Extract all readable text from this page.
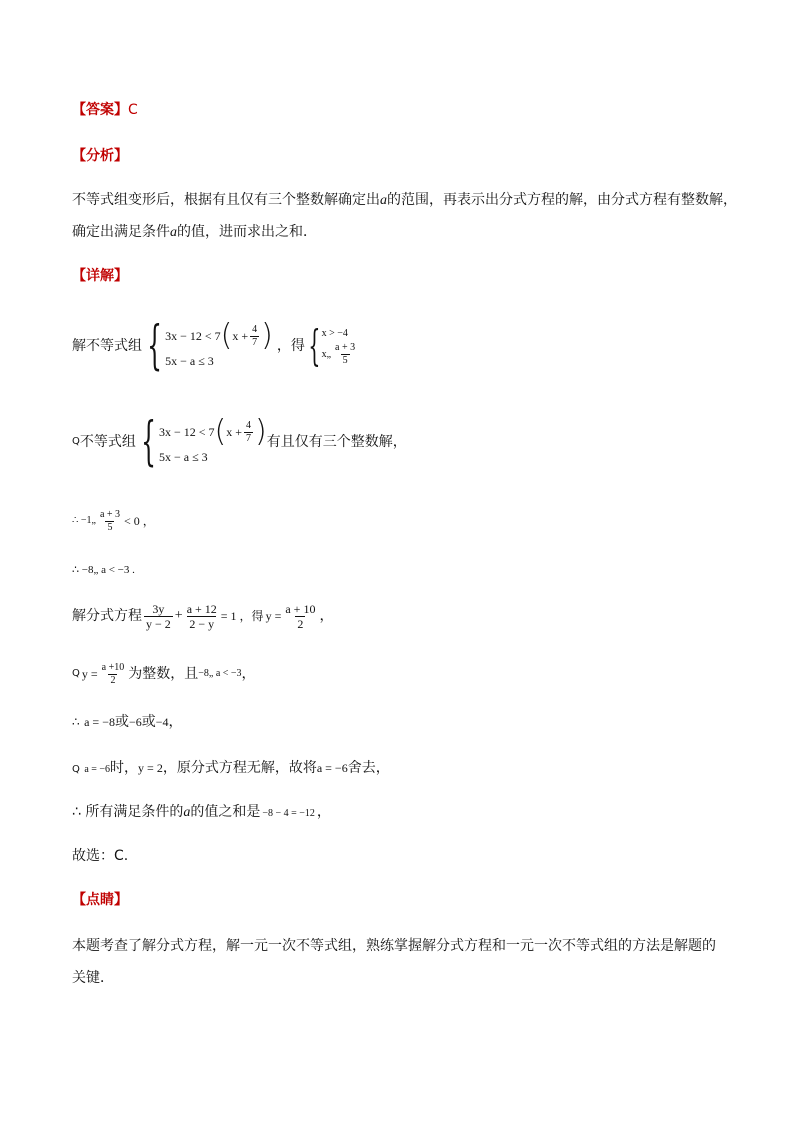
【答案】C
【分析】
不等式组变形后，根据有且仅有三个整数解确定出a的范围，再表示出分式方程的解，由分式方程有整数解，
确定出满足条件a的值，进而求出之和．
【详解】
解不等式组 { 3x − 12 < 7 ( $x + \frac{4}{7}$ )
5x − a ≤ 3
，得 { x > −4
x„ $\frac{a + 3}{5}$
Q 不等式组 { 3x − 12 < 7 ( $x + \frac{4}{7}$ )
5x − a ≤ 3
有且仅有三个整数解，
∴ −1„ $\frac{a + 3}{5} < 0$ ，
∴ −8„ a < −3 .
解分式方程 $\frac{3y}{y - 2} + \frac{a + 12}{2 - y} = 1$ ，得 $y = \frac{a + 10}{2}$ ，
Q $y = \frac{a +10}{2}$ 为整数，且 −8„ a < −3 ，
∴ a = −8或−6或−4，
Q a = −6时，y = 2，原分式方程无解，故将a = −6舍去，
∴ 所有满足条件的a的值之和是 −8 − 4 = −12 ，
故选：C.
【点睛】
本题考查了解分式方程，解一元一次不等式组，熟练掌握解分式方程和一元一次不等式组的方法是解题的
关键．
